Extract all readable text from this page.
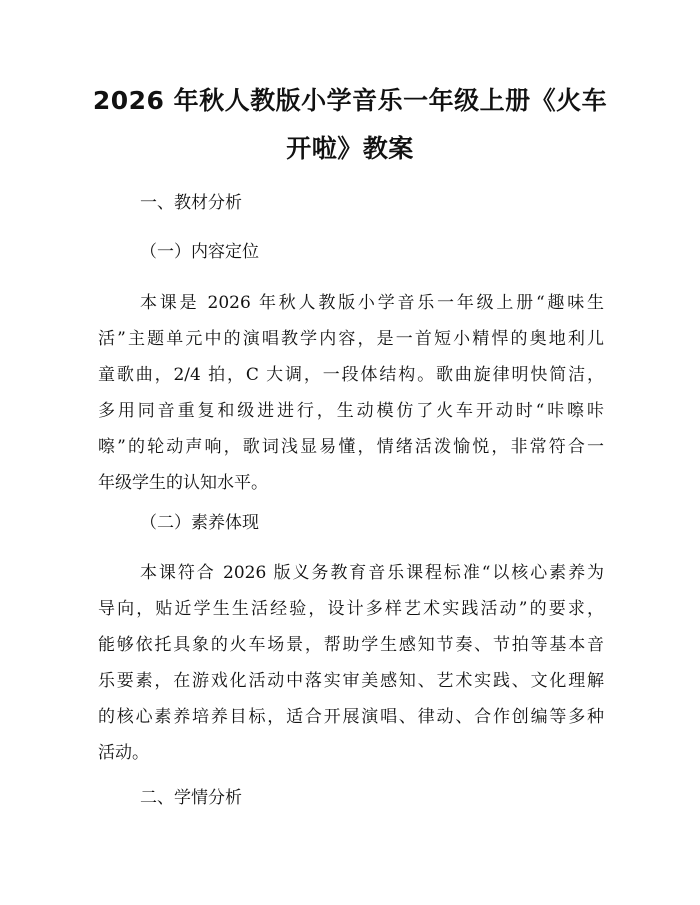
2026 年秋人教版小学音乐一年级上册《火车
开啦》教案

一、教材分析

（一）内容定位

本课是 2026 年秋人教版小学音乐一年级上册“趣味生
活”主题单元中的演唱教学内容，是一首短小精悍的奥地利儿
童歌曲，2/4 拍，C 大调，一段体结构。歌曲旋律明快简洁，
多用同音重复和级进进行，生动模仿了火车开动时“咔嚓咔
嚓”的轮动声响，歌词浅显易懂，情绪活泼愉悦，非常符合一
年级学生的认知水平。

（二）素养体现

本课符合 2026 版义务教育音乐课程标准“以核心素养为
导向，贴近学生生活经验，设计多样艺术实践活动”的要求，
能够依托具象的火车场景，帮助学生感知节奏、节拍等基本音
乐要素，在游戏化活动中落实审美感知、艺术实践、文化理解
的核心素养培养目标，适合开展演唱、律动、合作创编等多种
活动。

二、学情分析
